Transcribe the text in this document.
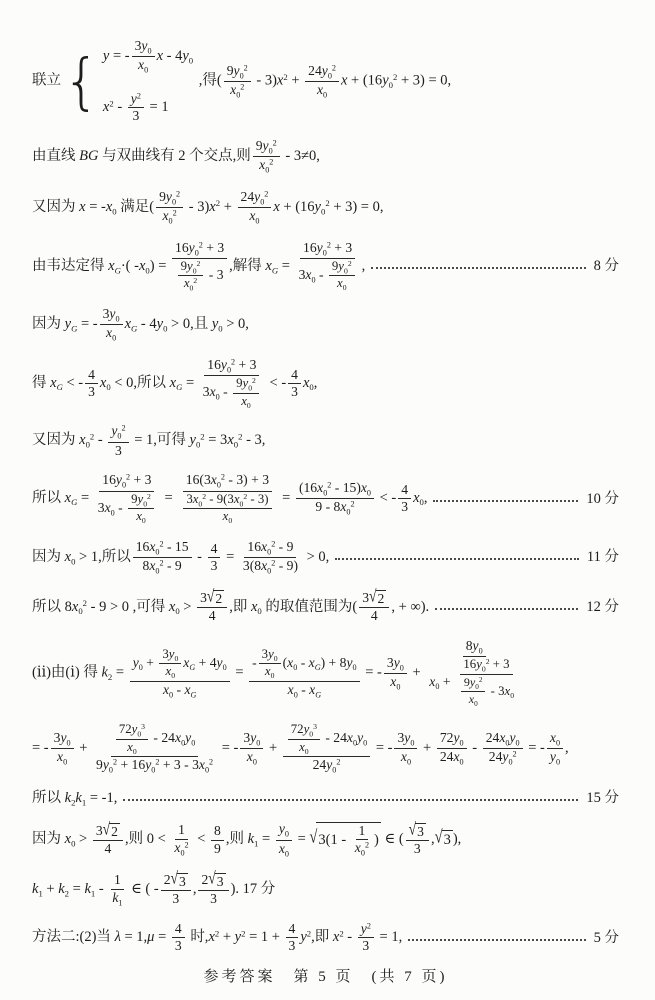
联立 { y = - $\frac{3y_0}{x_0}$ x - $4y_0$
$x^2 - \frac{y^2}{3} = 1$
,得( $\frac{9y_0^2}{x_0^2} - 3)x^2 + \frac{24y_0^2}{x_0}$ $x + (16y_0^2 + 3) = 0$,
由直线 BG 与双曲线有 2 个交点,则 $\frac{9y_0^2}{x_0^2} - 3\ne 0$,
又因为 $x = -x_0$ 满足( $\frac{9y_0^2}{x_0^2} - 3)x^2 + \frac{24y_0^2}{x_0}$ $x + (16y_0^2 + 3) = 0$,
由韦达定得 $x_G\cdot$( $-x_0) = \frac{16y_0^2 + 3}{\frac{9y_0^2}{x_0^2} - 3}$ ,解得 $x_G = \frac{16y_0^2 + 3}{3x_0 - \frac{9y_0^2}{x_0}}$ ,	8 分
因为 $y_G$ = - $\frac{3y_0}{x_0} x_G - 4y_0 > 0$,且 $y_0 > 0$,
得 $x_G$ < - $\frac{4}{3} x_0 < 0$,所以 $x_G = \frac{16y_0^2 + 3}{3x_0 - \frac{9y_0^2}{x_0}}$ < - $\frac{4}{3} x_0$,
又因为 $x_0^2 - \frac{y_0^2}{3} = 1$,可得 $y_0^2 = 3x_0^2 - 3$,
所以 $x_G = \frac{16y_0^2 + 3}{3x_0 - \frac{9y_0^2}{x_0}} = \frac{16(3x_0^2 - 3) + 3}{\frac{3x_0^2 - 9(3x_0^2 - 3)}{x_0}} = \frac{(16x_0^2 - 15)x_0}{9 - 8x_0^2}$ < - $\frac{4}{3} x_0$,	10 分
因为 $x_0 > 1$,所以 $\frac{16x_0^2 - 15}{8x_0^2 - 9} - \frac{4}{3} = \frac{16x_0^2 - 9}{3(8x_0^2 - 9)} > 0$,	11 分
所以 $8x_0^2 - 9 > 0$ ,可得 $x_0 > \frac{3√2}{4}$ ,即 $x_0$ 的取值范围为( $\frac{3√2}{4}$ , + ∞).	12 分
(ⅱ)由(ⅰ) 得 $k_2 = \frac{y_0 + \frac{3y_0}{x_0} x_G + 4y_0}{x_0 - x_G} = \frac{- \frac{3y_0}{x_0} (x_0 - x_G) + 8y_0}{x_0 - x_G}$ = - $\frac{3y_0}{x_0} + \frac{8y_0}{x_0 + \frac{16y_0^2 + 3}{\frac{9y_0^2}{x_0} - 3x_0}}$
= - $\frac{3y_0}{x_0} + \frac{\frac{72y_0^3}{x_0} - 24x_0y_0}{9y_0^2 + 16y_0^2 + 3 - 3x_0^2}$ = - $\frac{3y_0}{x_0} + \frac{\frac{72y_0^3}{x_0} - 24x_0y_0}{24y_0^2}$ = - $\frac{3y_0}{x_0} + \frac{72y_0}{24x_0} - \frac{24x_0y_0}{24y_0^2}$ = - $\frac{x_0}{y_0}$ ,
所以 $k_2k_1 = -1$,	15 分
因为 $x_0 > \frac{3√2}{4}$ ,则 $0 < \frac{1}{x_0^2} < \frac{8}{9}$ ,则 $k_1 = \frac{y_0}{x_0} = √3(1 - \frac{1}{x_0^2}$ ) ∈ ( $\frac{√3}{3} ,√3$ ),
$k_1 + k_2 = k_1 - \frac{1}{k_1}$ ∈ ( - $\frac{2√3}{3}$ , $\frac{2√3}{3}$ ). 17 分
方法二:(2)当 $\lambda = 1,\mu = \frac{4}{3}$ 时$,x^2 + y^2 = 1 + \frac{4}{3} y^2$,即 $x^2 - \frac{y^2}{3} = 1$,	5 分
参考答案　第 5 页　(共 7 页)
